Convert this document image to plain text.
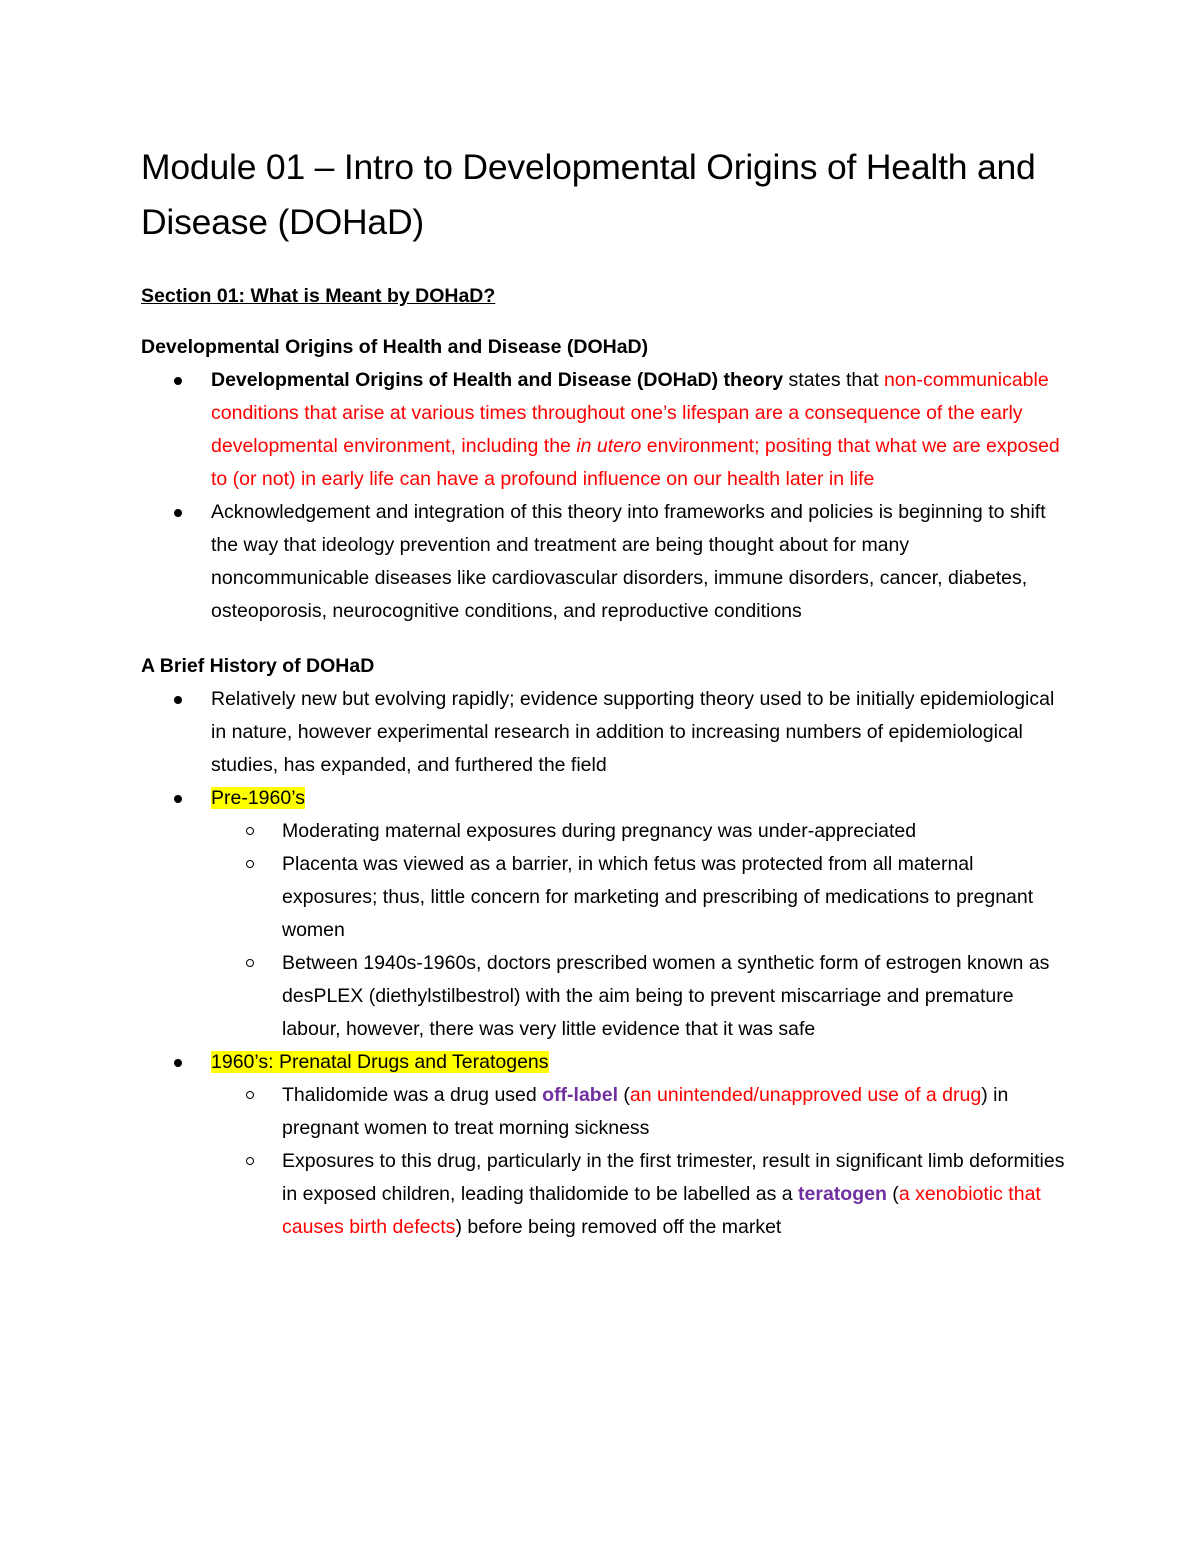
Module 01 – Intro to Developmental Origins of Health and Disease (DOHaD)
Section 01: What is Meant by DOHaD?
Developmental Origins of Health and Disease (DOHaD)
Developmental Origins of Health and Disease (DOHaD) theory states that non-communicable conditions that arise at various times throughout one’s lifespan are a consequence of the early developmental environment, including the in utero environment; positing that what we are exposed to (or not) in early life can have a profound influence on our health later in life
Acknowledgement and integration of this theory into frameworks and policies is beginning to shift the way that ideology prevention and treatment are being thought about for many noncommunicable diseases like cardiovascular disorders, immune disorders, cancer, diabetes, osteoporosis, neurocognitive conditions, and reproductive conditions
A Brief History of DOHaD
Relatively new but evolving rapidly; evidence supporting theory used to be initially epidemiological in nature, however experimental research in addition to increasing numbers of epidemiological studies, has expanded, and furthered the field
Pre-1960’s
Moderating maternal exposures during pregnancy was under-appreciated
Placenta was viewed as a barrier, in which fetus was protected from all maternal exposures; thus, little concern for marketing and prescribing of medications to pregnant women
Between 1940s-1960s, doctors prescribed women a synthetic form of estrogen known as desPLEX (diethylstilbestrol) with the aim being to prevent miscarriage and premature labour, however, there was very little evidence that it was safe
1960’s: Prenatal Drugs and Teratogens
Thalidomide was a drug used off-label (an unintended/unapproved use of a drug) in pregnant women to treat morning sickness
Exposures to this drug, particularly in the first trimester, result in significant limb deformities in exposed children, leading thalidomide to be labelled as a teratogen (a xenobiotic that causes birth defects) before being removed off the market
